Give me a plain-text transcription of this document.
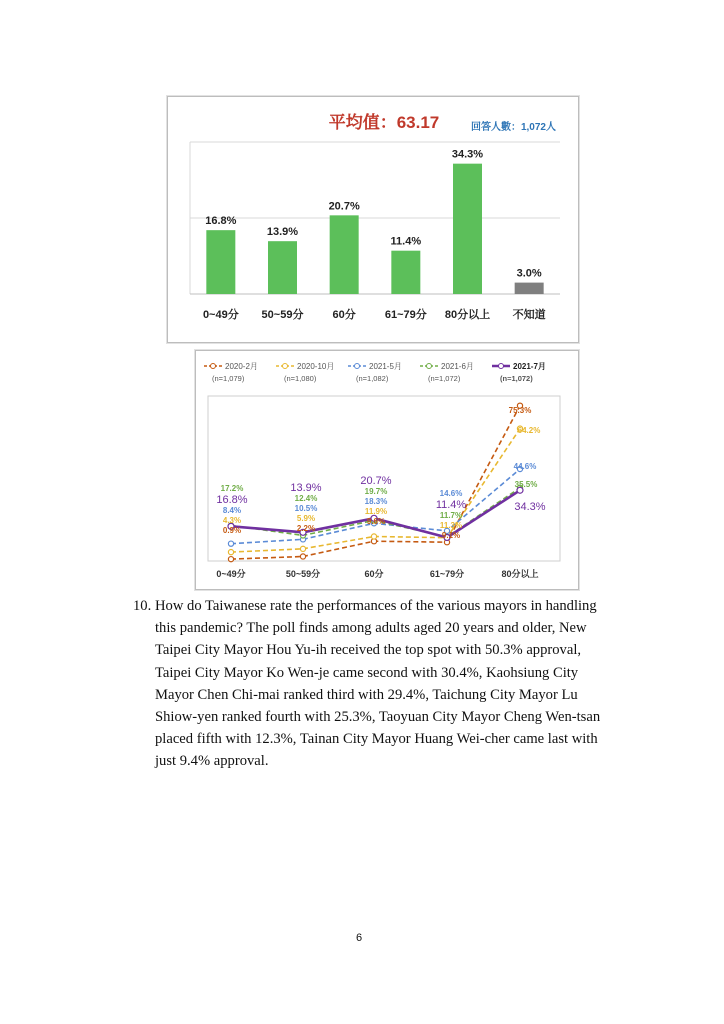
平均值：63.17	回答人數：1,072人
16.8%
0~49分
13.9%
50~59分
20.7%
60分
11.4%
61~79分
34.3%
80分以上
3.0%
不知道
2020-2月
(n=1,079)
2020-10月
(n=1,080)
2021-5月
(n=1,082)
2021-6月
(n=1,072)
2021-7月
(n=1,072)
0~49分	50~59分	60分	61~79分	80分以上
17.2%
16.8%
8.4%
4.3%
0.9%
13.9%
12.4%
10.5%
5.9%
2.2%
20.7%
19.7%
18.3%
11.9%
9.6%
14.6%
11.4%
11.7%
11.3%
9.1%
75.3%
64.2%
44.6%
35.5%
34.3%
10. How do Taiwanese rate the performances of the various mayors in handling
this pandemic? The poll finds among adults aged 20 years and older, New
Taipei City Mayor Hou Yu-ih received the top spot with 50.3% approval,
Taipei City Mayor Ko Wen-je came second with 30.4%, Kaohsiung City
Mayor Chen Chi-mai ranked third with 29.4%, Taichung City Mayor Lu
Shiow-yen ranked fourth with 25.3%, Taoyuan City Mayor Cheng Wen-tsan
placed fifth with 12.3%, Tainan City Mayor Huang Wei-cher came last with
just 9.4% approval.
6
